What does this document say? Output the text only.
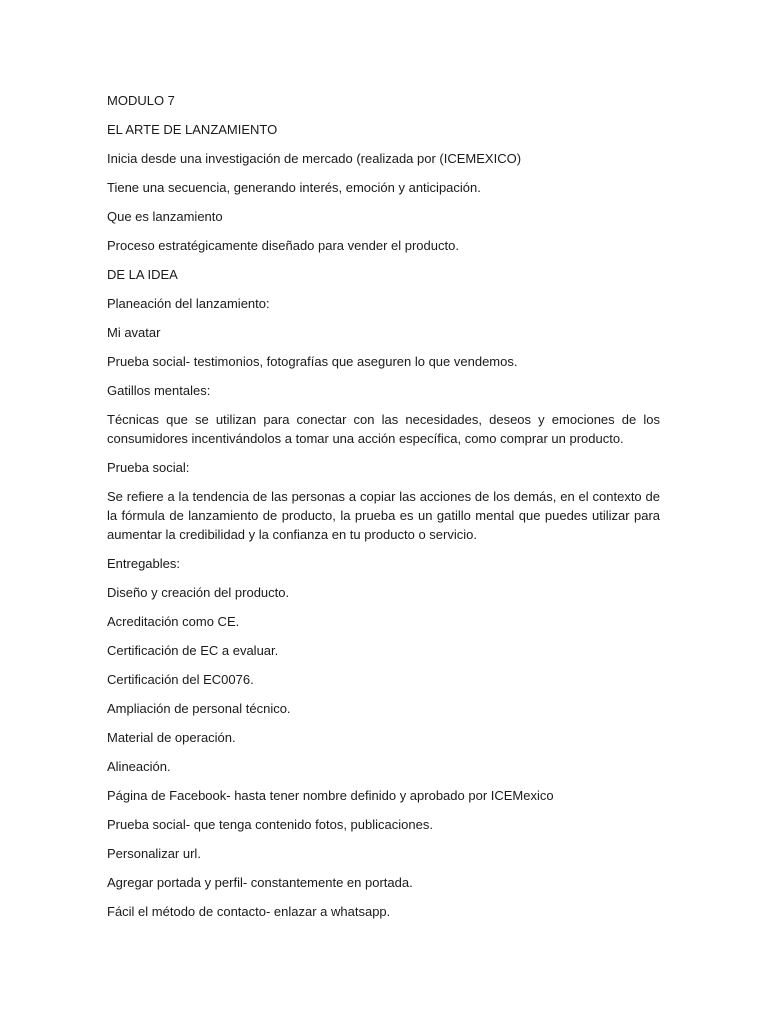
MODULO 7

EL ARTE DE LANZAMIENTO

Inicia desde una investigación de mercado (realizada por (ICEMEXICO)

Tiene una secuencia, generando interés, emoción y anticipación.

Que es lanzamiento

Proceso estratégicamente diseñado para vender el producto.

DE LA IDEA

Planeación del lanzamiento:

Mi avatar

Prueba social- testimonios, fotografías que aseguren lo que vendemos.

Gatillos mentales:

Técnicas que se utilizan para conectar con las necesidades, deseos y emociones de los consumidores incentivándolos a tomar una acción específica, como comprar un producto.

Prueba social:

Se refiere a la tendencia de las personas a copiar las acciones de los demás, en el contexto de la fórmula de lanzamiento de producto, la prueba es un gatillo mental que puedes utilizar para aumentar la credibilidad y la confianza en tu producto o servicio.

Entregables:

Diseño y creación del producto.

Acreditación como CE.

Certificación de EC a evaluar.

Certificación del EC0076.

Ampliación de personal técnico.

Material de operación.

Alineación.

Página de Facebook- hasta tener nombre definido y aprobado por ICEMexico

Prueba social- que tenga contenido fotos, publicaciones.

Personalizar url.

Agregar portada y perfil- constantemente en portada.

Fácil el método de contacto- enlazar a whatsapp.
